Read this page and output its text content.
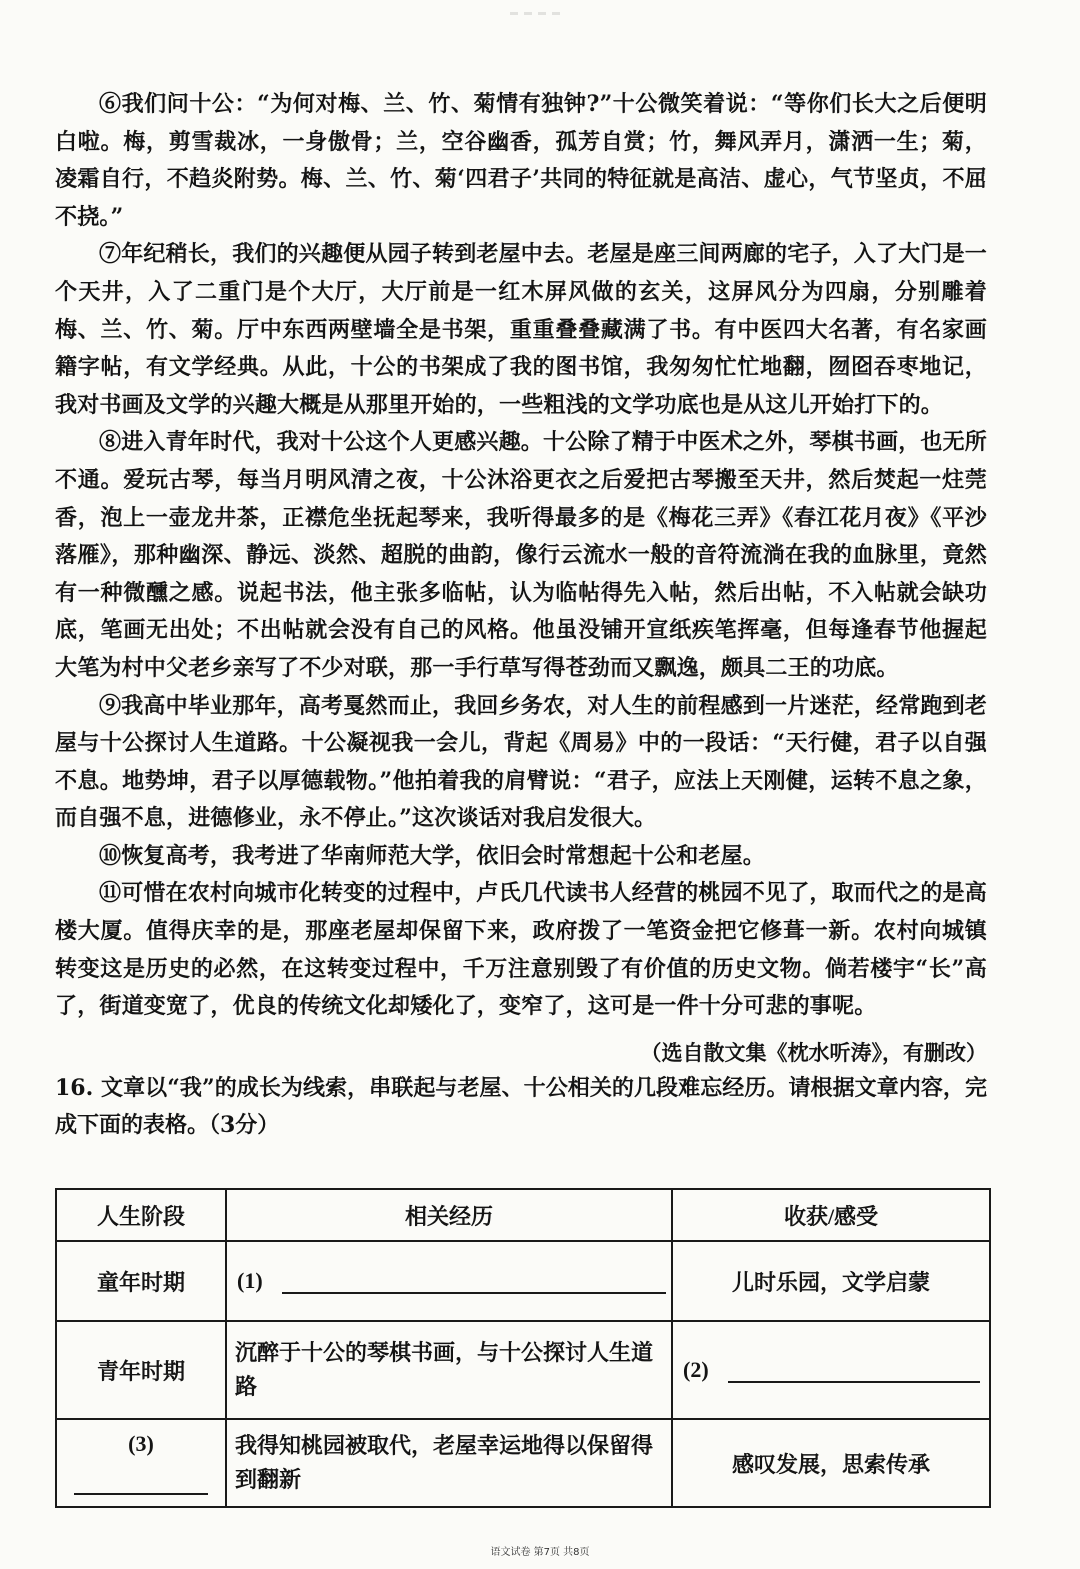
⑥我们问十公：“为何对梅、兰、竹、菊情有独钟?”十公微笑着说：“等你们长大之后便明白啦。梅，剪雪裁冰，一身傲骨；兰，空谷幽香，孤芳自赏；竹，舞风弄月，潇洒一生；菊，凌霜自行，不趋炎附势。梅、兰、竹、菊‘四君子’共同的特征就是高洁、虚心，气节坚贞，不屈不挠。”

⑦年纪稍长，我们的兴趣便从园子转到老屋中去。老屋是座三间两廊的宅子，入了大门是一个天井，入了二重门是个大厅，大厅前是一红木屏风做的玄关，这屏风分为四扇，分别雕着梅、兰、竹、菊。厅中东西两壁墙全是书架，重重叠叠藏满了书。有中医四大名著，有名家画籍字帖，有文学经典。从此，十公的书架成了我的图书馆，我匆匆忙忙地翻，囫囵吞枣地记，我对书画及文学的兴趣大概是从那里开始的，一些粗浅的文学功底也是从这儿开始打下的。

⑧进入青年时代，我对十公这个人更感兴趣。十公除了精于中医术之外，琴棋书画，也无所不通。爱玩古琴，每当月明风清之夜，十公沐浴更衣之后爱把古琴搬至天井，然后焚起一炷莞香，泡上一壶龙井茶，正襟危坐抚起琴来，我听得最多的是《梅花三弄》《春江花月夜》《平沙落雁》，那种幽深、静远、淡然、超脱的曲韵，像行云流水一般的音符流淌在我的血脉里，竟然有一种微醺之感。说起书法，他主张多临帖，认为临帖得先入帖，然后出帖，不入帖就会缺功底，笔画无出处；不出帖就会没有自己的风格。他虽没铺开宣纸疾笔挥毫，但每逢春节他握起大笔为村中父老乡亲写了不少对联，那一手行草写得苍劲而又飘逸，颇具二王的功底。

⑨我高中毕业那年，高考戛然而止，我回乡务农，对人生的前程感到一片迷茫，经常跑到老屋与十公探讨人生道路。十公凝视我一会儿，背起《周易》中的一段话：“天行健，君子以自强不息。地势坤，君子以厚德载物。”他拍着我的肩臂说：“君子，应法上天刚健，运转不息之象，而自强不息，进德修业，永不停止。”这次谈话对我启发很大。

⑩恢复高考，我考进了华南师范大学，依旧会时常想起十公和老屋。

⑪可惜在农村向城市化转变的过程中，卢氏几代读书人经营的桃园不见了，取而代之的是高楼大厦。值得庆幸的是，那座老屋却保留下来，政府拨了一笔资金把它修葺一新。农村向城镇转变这是历史的必然，在这转变过程中，千万注意别毁了有价值的历史文物。倘若楼宇“长”高了，街道变宽了，优良的传统文化却矮化了，变窄了，这可是一件十分可悲的事呢。

（选自散文集《枕水听涛》，有删改）

16. 文章以“我”的成长为线索，串联起与老屋、十公相关的几段难忘经历。请根据文章内容，完成下面的表格。（3分）

人生阶段	相关经历	收获/感受
童年时期	(1)	儿时乐园，文学启蒙
青年时期	沉醉于十公的琴棋书画，与十公探讨人生道路	(2)

(3)	我得知桃园被取代，老屋幸运地得以保留得到翻新	感叹发展，思索传承
语文试卷 第7页 共8页
